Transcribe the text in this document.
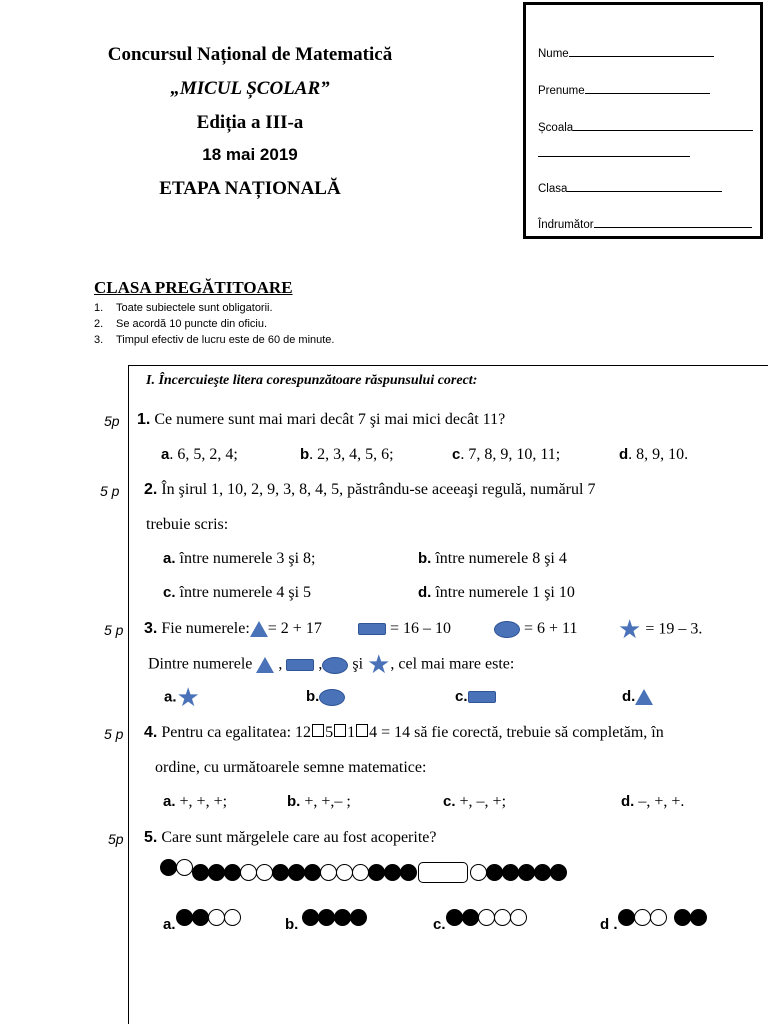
Concursul Național de Matematică
„MICUL ȘCOLAR”
Ediția a III-a
18 mai 2019
ETAPA NAȚIONALĂ
Nume
Prenume
Școala
Clasa
Îndrumător
CLASA PREGĂTITOARE
1. Toate subiectele sunt obligatorii.
2. Se acordă 10 puncte din oficiu.
3. Timpul efectiv de lucru este de 60 de minute.
I. Încercuieşte litera corespunzătoare răspunsului corect:
5p 1. Ce numere sunt mai mari decât 7 şi mai mici decât 11?
a. 6, 5, 2, 4;	b. 2, 3, 4, 5, 6;	c. 7, 8, 9, 10, 11;	d. 8, 9, 10.
5 p 2. În şirul 1, 10, 2, 9, 3, 8, 4, 5, păstrându-se aceeaşi regulă, numărul 7
trebuie scris:
a. între numerele 3 şi 8;	b. între numerele 8 şi 4
c. între numerele 4 şi 5	d. între numerele 1 şi 10
5 p 3. Fie numerele: = 2 + 17	= 16 – 10	= 6 + 11 ★ = 19 – 3.
Dintre numerele  ,  , şi ★, cel mai mare este:
a.★	b.	c.	d.
5 p 4. Pentru ca egalitatea: 12 5 1 4 = 14 să fie corectă, trebuie să completăm, în
ordine, cu următoarele semne matematice:
a. +, +, +;	b. +, +,– ;	c. +, –, +;	d. –, +, +.
5p 5. Care sunt mărgelele care au fost acoperite?
a.	b.	c.	d .
